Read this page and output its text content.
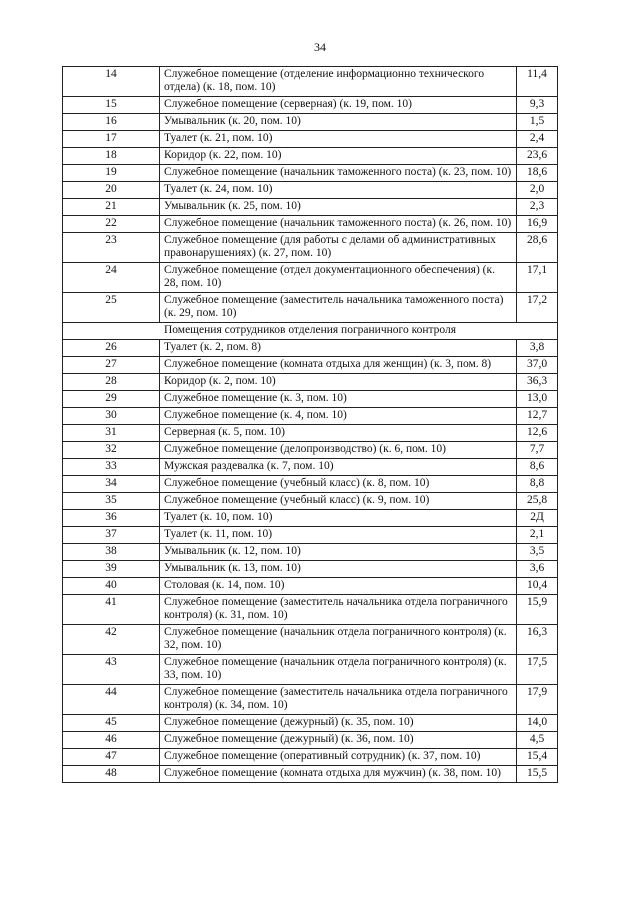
34
14	Служебное помещение (отделение информационно технического отдела) (к. 18, пом. 10)	11,4
15	Служебное помещение (серверная) (к. 19, пом. 10)	9,3
16	Умывальник (к. 20, пом. 10)	1,5
17	Туалет (к. 21, пом. 10)	2,4
18	Коридор (к. 22, пом. 10)	23,6
19	Служебное помещение (начальник таможенного поста) (к. 23, пом. 10)	18,6
20	Туалет (к. 24, пом. 10)	2,0
21	Умывальник (к. 25, пом. 10)	2,3
22	Служебное помещение (начальник таможенного поста) (к. 26, пом. 10)	16,9
23	Служебное помещение (для работы с делами об административных правонарушениях) (к. 27, пом. 10)	28,6
24	Служебное помещение (отдел документационного обеспечения) (к. 28, пом. 10)	17,1
25	Служебное помещение (заместитель начальника таможенного поста) (к. 29, пом. 10)	17,2
Помещения сотрудников отделения пограничного контроля		
26	Туалет (к. 2, пом. 8)	3,8
27	Служебное помещение (комната отдыха для женщин) (к. 3, пом. 8)	37,0
28	Коридор (к. 2, пом. 10)	36,3
29	Служебное помещение (к. 3, пом. 10)	13,0
30	Служебное помещение (к. 4, пом. 10)	12,7
31	Серверная (к. 5, пом. 10)	12,6
32	Служебное помещение (делопроизводство) (к. 6, пом. 10)	7,7
33	Мужская раздевалка (к. 7, пом. 10)	8,6
34	Служебное помещение (учебный класс) (к. 8, пом. 10)	8,8
35	Служебное помещение (учебный класс) (к. 9, пом. 10)	25,8
36	Туалет (к. 10, пом. 10)	2Д
37	Туалет (к. 11, пом. 10)	2,1
38	Умывальник (к. 12, пом. 10)	3,5
39	Умывальник (к. 13, пом. 10)	3,6
40	Столовая (к. 14, пом. 10)	10,4
41	Служебное помещение (заместитель начальника отдела пограничного контроля) (к. 31, пом. 10)	15,9
42	Служебное помещение (начальник отдела пограничного контроля) (к. 32, пом. 10)	16,3
43	Служебное помещение (начальник отдела пограничного контроля) (к. 33, пом. 10)	17,5
44	Служебное помещение (заместитель начальника отдела пограничного контроля) (к. 34, пом. 10)	17,9
45	Служебное помещение (дежурный) (к. 35, пом. 10)	14,0
46	Служебное помещение (дежурный) (к. 36, пом. 10)	4,5
47	Служебное помещение (оперативный сотрудник) (к. 37, пом. 10)	15,4
48	Служебное помещение (комната отдыха для мужчин) (к. 38, пом. 10)	15,5
